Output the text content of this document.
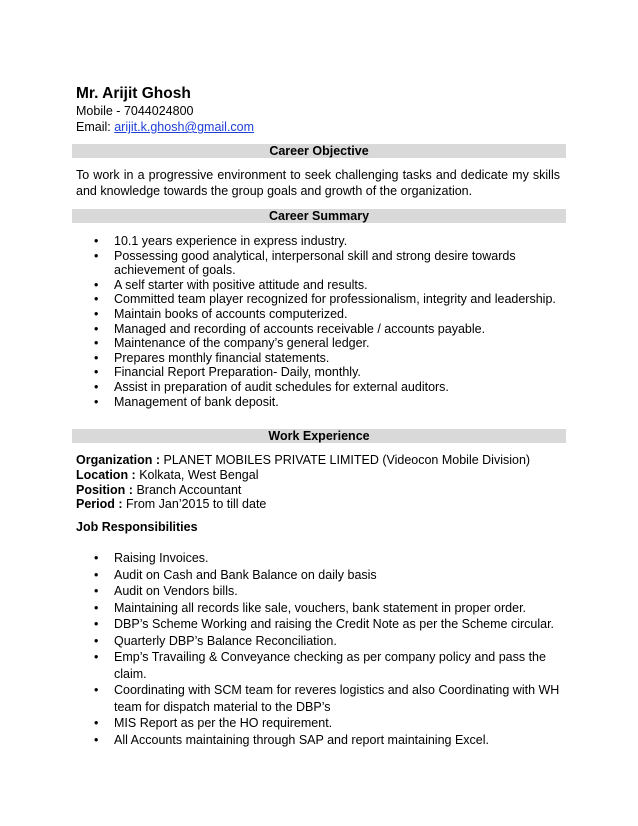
Mr. Arijit Ghosh
Mobile - 7044024800
Email: arijit.k.ghosh@gmail.com
Career Objective
To work in a progressive environment to seek challenging tasks and dedicate my skills and knowledge towards the group goals and growth of the organization.
Career Summary
• 10.1 years experience in express industry.
• Possessing good analytical, interpersonal skill and strong desire towards achievement of goals.
• A self starter with positive attitude and results.
• Committed team player recognized for professionalism, integrity and leadership.
• Maintain books of accounts computerized.
• Managed and recording of accounts receivable / accounts payable.
• Maintenance of the company’s general ledger.
• Prepares monthly financial statements.
• Financial Report Preparation- Daily, monthly.
• Assist in preparation of audit schedules for external auditors.
• Management of bank deposit.
Work Experience
Organization : PLANET MOBILES PRIVATE LIMITED (Videocon Mobile Division)
Location : Kolkata, West Bengal
Position : Branch Accountant
Period : From Jan’2015 to till date
Job Responsibilities
• Raising Invoices.
• Audit on Cash and Bank Balance on daily basis
• Audit on Vendors bills.
• Maintaining all records like sale, vouchers, bank statement in proper order.
• DBP’s Scheme Working and raising the Credit Note as per the Scheme circular.
• Quarterly DBP’s Balance Reconciliation.
• Emp’s Travailing & Conveyance checking as per company policy and pass the claim.
• Coordinating with SCM team for reveres logistics and also Coordinating with WH team for dispatch material to the DBP’s
• MIS Report as per the HO requirement.
• All Accounts maintaining through SAP and report maintaining Excel.
